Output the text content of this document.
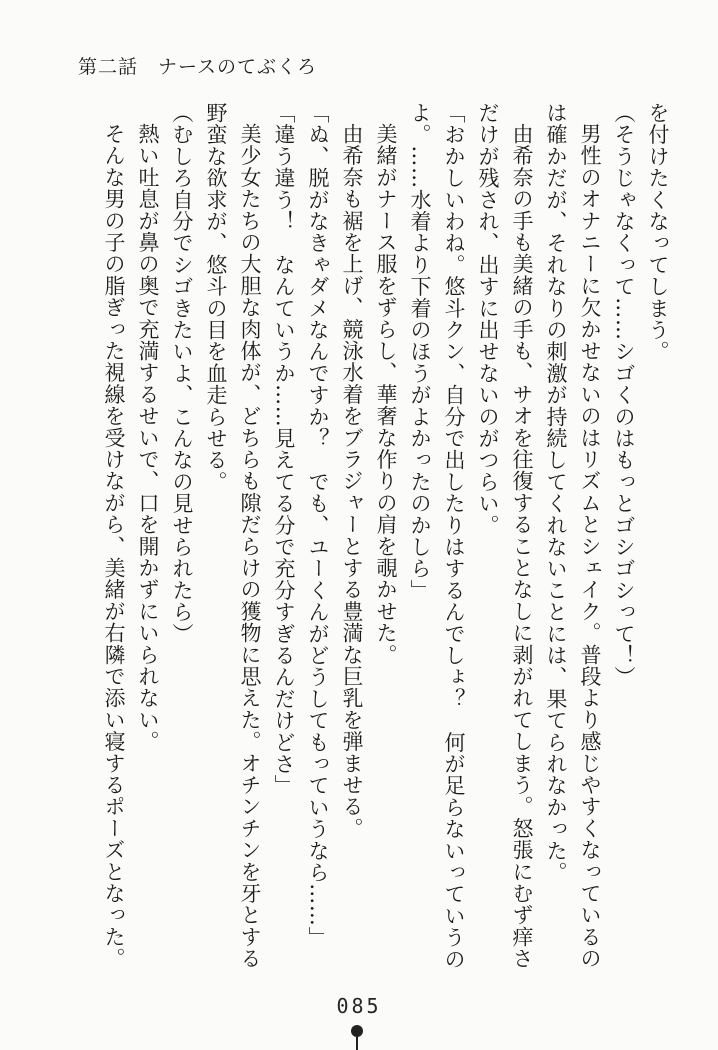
第二話　ナースのてぶくろ
を付けたくなってしまう。
（そうじゃなくって……シゴくのはもっとゴシゴシって！）
男性のオナニーに欠かせないのはリズムとシェイク。普段より感じやすくなっているの
は確かだが、それなりの刺激が持続してくれないことには、果てられなかった。
由希奈の手も美緒の手も、サオを往復することなしに剥がれてしまう。怒張にむず痒さ
だけが残され、出すに出せないのがつらい。
「おかしいわね。悠斗クン、自分で出したりはするんでしょ？　何が足らないっていうの
よ。……水着より下着のほうがよかったのかしら」
美緒がナース服をずらし、華奢な作りの肩を覗かせた。
由希奈も裾を上げ、競泳水着をブラジャーとする豊満な巨乳を弾ませる。
「ぬ、脱がなきゃダメなんですか？　でも、ユーくんがどうしてもっていうなら……」
「違う違う！　なんていうか……見えてる分で充分すぎるんだけどさ」
美少女たちの大胆な肉体が、どちらも隙だらけの獲物に思えた。オチンチンを牙とする
野蛮な欲求が、悠斗の目を血走らせる。
（むしろ自分でシゴきたいよ、こんなの見せられたら）
熱い吐息が鼻の奥で充満するせいで、口を開かずにいられない。
そんな男の子の脂ぎった視線を受けながら、美緒が右隣で添い寝するポーズとなった。
085
